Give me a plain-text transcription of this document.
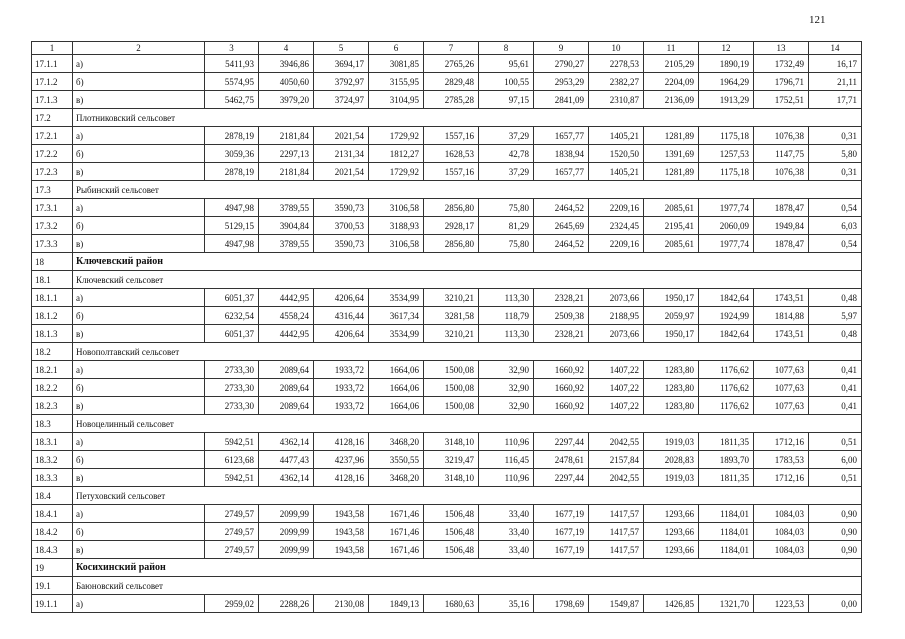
121
1	2	3	4	5	6	7	8	9	10	11	12	13	14
17.1.1	а)	5411,93	3946,86	3694,17	3081,85	2765,26	95,61	2790,27	2278,53	2105,29	1890,19	1732,49	16,17
17.1.2	б)	5574,95	4050,60	3792,97	3155,95	2829,48	100,55	2953,29	2382,27	2204,09	1964,29	1796,71	21,11
17.1.3	в)	5462,75	3979,20	3724,97	3104,95	2785,28	97,15	2841,09	2310,87	2136,09	1913,29	1752,51	17,71
17.2	Плотниковский сельсовет												
17.2.1	а)	2878,19	2181,84	2021,54	1729,92	1557,16	37,29	1657,77	1405,21	1281,89	1175,18	1076,38	0,31
17.2.2	б)	3059,36	2297,13	2131,34	1812,27	1628,53	42,78	1838,94	1520,50	1391,69	1257,53	1147,75	5,80
17.2.3	в)	2878,19	2181,84	2021,54	1729,92	1557,16	37,29	1657,77	1405,21	1281,89	1175,18	1076,38	0,31
17.3	Рыбинский сельсовет												
17.3.1	а)	4947,98	3789,55	3590,73	3106,58	2856,80	75,80	2464,52	2209,16	2085,61	1977,74	1878,47	0,54
17.3.2	б)	5129,15	3904,84	3700,53	3188,93	2928,17	81,29	2645,69	2324,45	2195,41	2060,09	1949,84	6,03
17.3.3	в)	4947,98	3789,55	3590,73	3106,58	2856,80	75,80	2464,52	2209,16	2085,61	1977,74	1878,47	0,54
18	Ключевский район												
18.1	Ключевский сельсовет												
18.1.1	а)	6051,37	4442,95	4206,64	3534,99	3210,21	113,30	2328,21	2073,66	1950,17	1842,64	1743,51	0,48
18.1.2	б)	6232,54	4558,24	4316,44	3617,34	3281,58	118,79	2509,38	2188,95	2059,97	1924,99	1814,88	5,97
18.1.3	в)	6051,37	4442,95	4206,64	3534,99	3210,21	113,30	2328,21	2073,66	1950,17	1842,64	1743,51	0,48
18.2	Новополтавский сельсовет												
18.2.1	а)	2733,30	2089,64	1933,72	1664,06	1500,08	32,90	1660,92	1407,22	1283,80	1176,62	1077,63	0,41
18.2.2	б)	2733,30	2089,64	1933,72	1664,06	1500,08	32,90	1660,92	1407,22	1283,80	1176,62	1077,63	0,41
18.2.3	в)	2733,30	2089,64	1933,72	1664,06	1500,08	32,90	1660,92	1407,22	1283,80	1176,62	1077,63	0,41
18.3	Новоцелинный сельсовет												
18.3.1	а)	5942,51	4362,14	4128,16	3468,20	3148,10	110,96	2297,44	2042,55	1919,03	1811,35	1712,16	0,51
18.3.2	б)	6123,68	4477,43	4237,96	3550,55	3219,47	116,45	2478,61	2157,84	2028,83	1893,70	1783,53	6,00
18.3.3	в)	5942,51	4362,14	4128,16	3468,20	3148,10	110,96	2297,44	2042,55	1919,03	1811,35	1712,16	0,51
18.4	Петуховский сельсовет												
18.4.1	а)	2749,57	2099,99	1943,58	1671,46	1506,48	33,40	1677,19	1417,57	1293,66	1184,01	1084,03	0,90
18.4.2	б)	2749,57	2099,99	1943,58	1671,46	1506,48	33,40	1677,19	1417,57	1293,66	1184,01	1084,03	0,90
18.4.3	в)	2749,57	2099,99	1943,58	1671,46	1506,48	33,40	1677,19	1417,57	1293,66	1184,01	1084,03	0,90
19	Косихинский район												
19.1	Баюновский сельсовет												
19.1.1	а)	2959,02	2288,26	2130,08	1849,13	1680,63	35,16	1798,69	1549,87	1426,85	1321,70	1223,53	0,00
